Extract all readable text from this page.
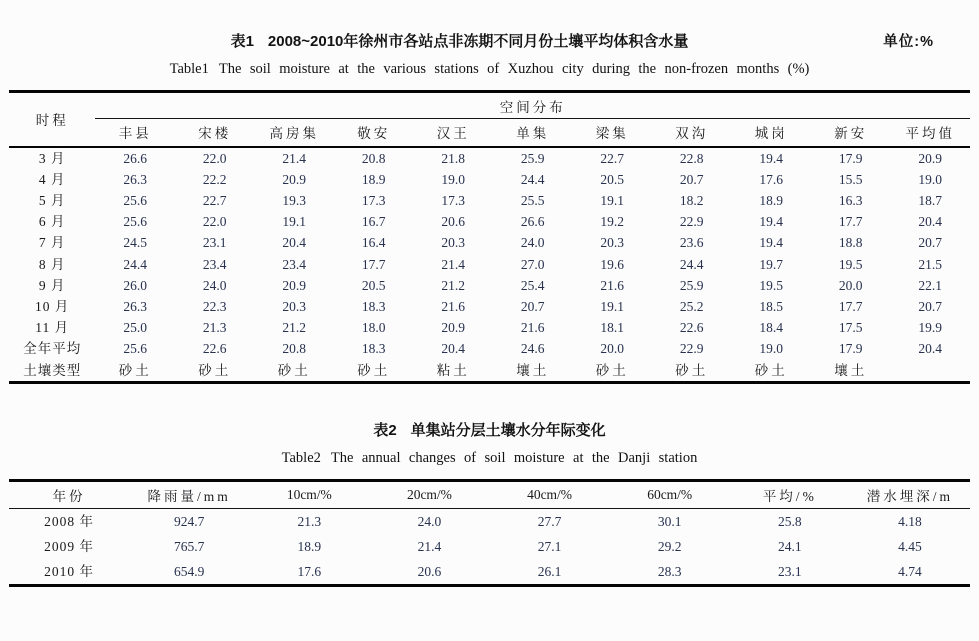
表1 2008~2010年徐州市各站点非冻期不同月份土壤平均体积含水量	单位:%
Table1 The soil moisture at the various stations of Xuzhou city during the non-frozen months (%)
时程	空间分布										
	丰县	宋楼	高房集	敬安	汉王	单集	梁集	双沟	城岗	新安	平均值
3 月	26.6	22.0	21.4	20.8	21.8	25.9	22.7	22.8	19.4	17.9	20.9
4 月	26.3	22.2	20.9	18.9	19.0	24.4	20.5	20.7	17.6	15.5	19.0
5 月	25.6	22.7	19.3	17.3	17.3	25.5	19.1	18.2	18.9	16.3	18.7
6 月	25.6	22.0	19.1	16.7	20.6	26.6	19.2	22.9	19.4	17.7	20.4
7 月	24.5	23.1	20.4	16.4	20.3	24.0	20.3	23.6	19.4	18.8	20.7
8 月	24.4	23.4	23.4	17.7	21.4	27.0	19.6	24.4	19.7	19.5	21.5
9 月	26.0	24.0	20.9	20.5	21.2	25.4	21.6	25.9	19.5	20.0	22.1
10 月	26.3	22.3	20.3	18.3	21.6	20.7	19.1	25.2	18.5	17.7	20.7
11 月	25.0	21.3	21.2	18.0	20.9	21.6	18.1	22.6	18.4	17.5	19.9
全年平均	25.6	22.6	20.8	18.3	20.4	24.6	20.0	22.9	19.0	17.9	20.4
土壤类型	砂土	砂土	砂土	砂土	粘土	壤土	砂土	砂土	砂土	壤土	
表2 单集站分层土壤水分年际变化
Table2 The annual changes of soil moisture at the Danji station
年份	降雨量/mm	10cm/%	20cm/%	40cm/%	60cm/%	平均/%	潜水埋深/m
2008 年	924.7	21.3	24.0	27.7	30.1	25.8	4.18
2009 年	765.7	18.9	21.4	27.1	29.2	24.1	4.45
2010 年	654.9	17.6	20.6	26.1	28.3	23.1	4.74
